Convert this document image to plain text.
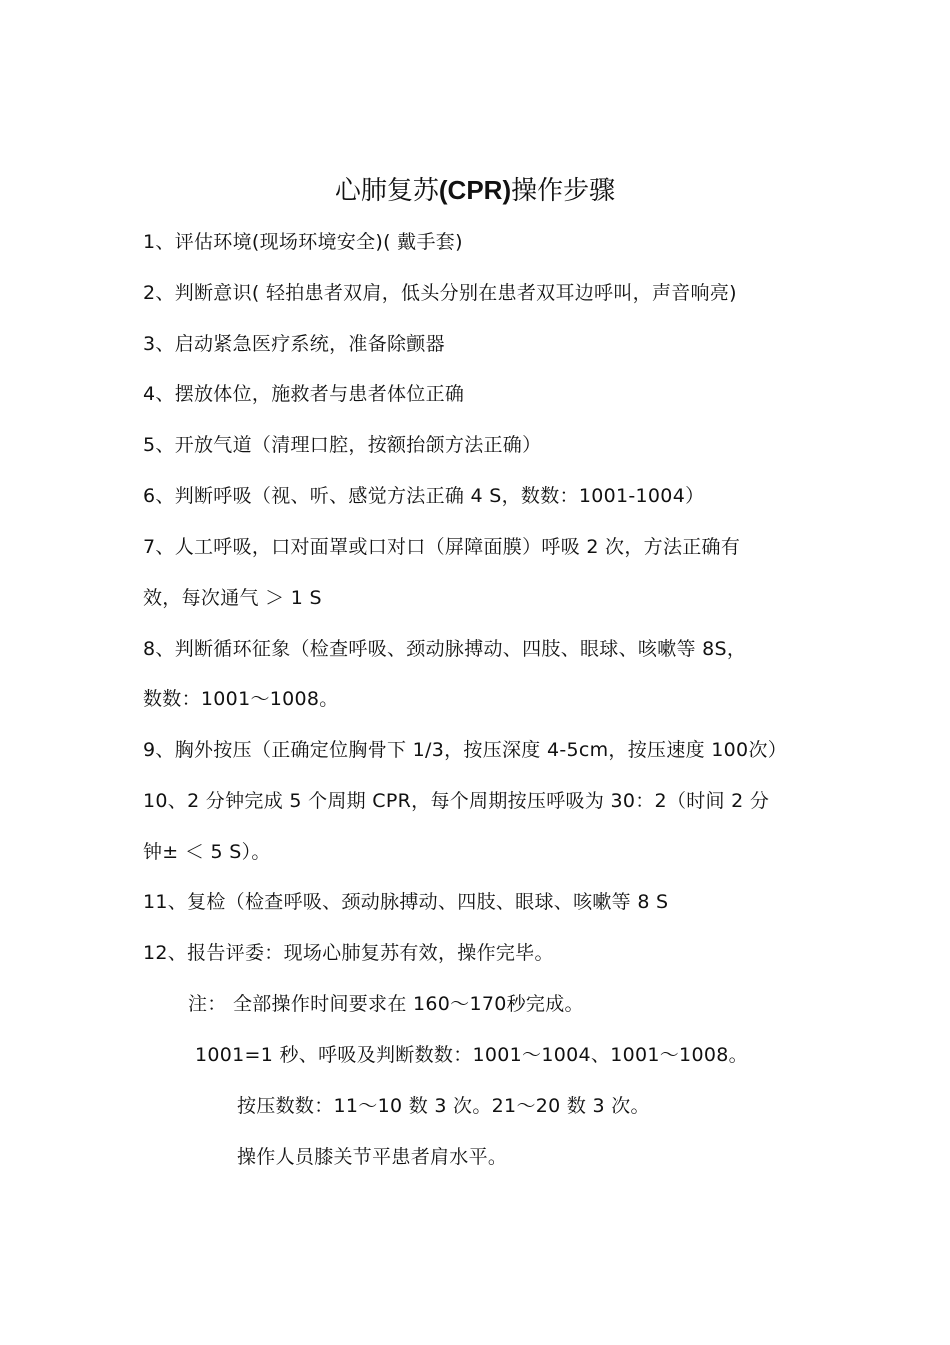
心肺复苏(CPR)操作步骤
1、评估环境(现场环境安全)( 戴手套)
2、判断意识( 轻拍患者双肩，低头分别在患者双耳边呼叫，声音响亮)
3、启动紧急医疗系统，准备除颤器
4、摆放体位，施救者与患者体位正确
5、开放气道（清理口腔，按额抬颌方法正确）
6、判断呼吸（视、听、感觉方法正确 4 S，数数：1001-1004）
7、人工呼吸，口对面罩或口对口（屏障面膜）呼吸 2 次，方法正确有
效，每次通气 ＞ 1 S
8、判断循环征象（检查呼吸、颈动脉搏动、四肢、眼球、咳嗽等 8S，
数数：1001～1008。
9、胸外按压（正确定位胸骨下 1/3，按压深度 4-5cm，按压速度 100次）
10、2 分钟完成 5 个周期 CPR，每个周期按压呼吸为 30：2（时间 2 分
钟± ＜ 5 S）。
11、复检（检查呼吸、颈动脉搏动、四肢、眼球、咳嗽等 8 S
12、报告评委：现场心肺复苏有效，操作完毕。
注： 全部操作时间要求在 160～170秒完成。
1001=1 秒、呼吸及判断数数：1001～1004、1001～1008。
按压数数：11～10 数 3 次。21～20 数 3 次。
操作人员膝关节平患者肩水平。
